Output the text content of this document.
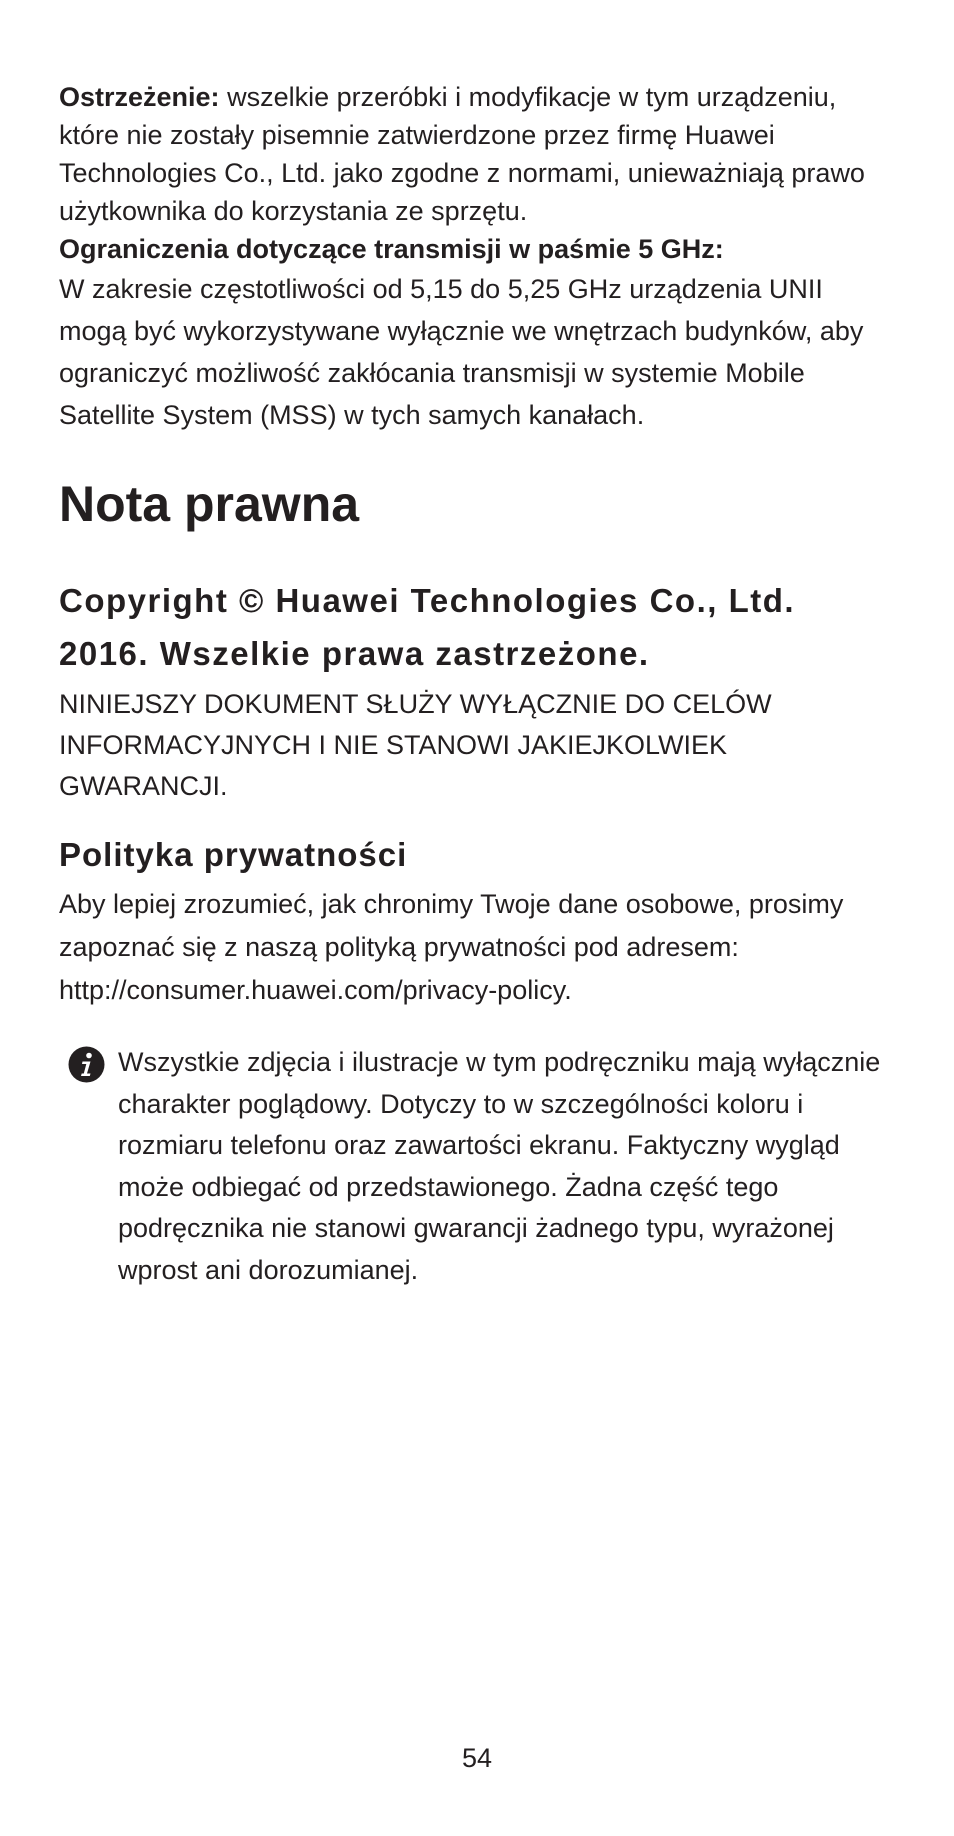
Ostrzeżenie: wszelkie przeróbki i modyfikacje w tym urządzeniu, które nie zostały pisemnie zatwierdzone przez firmę Huawei Technologies Co., Ltd. jako zgodne z normami, unieważniają prawo użytkownika do korzystania ze sprzętu.

Ograniczenia dotyczące transmisji w paśmie 5 GHz:

W zakresie częstotliwości od 5,15 do 5,25 GHz urządzenia UNII mogą być wykorzystywane wyłącznie we wnętrzach budynków, aby ograniczyć możliwość zakłócania transmisji w systemie Mobile Satellite System (MSS) w tych samych kanałach.

Nota prawna
Copyright © Huawei Technologies Co., Ltd. 2016. Wszelkie prawa zastrzeżone.

NINIEJSZY DOKUMENT SŁUŻY WYŁĄCZNIE DO CELÓW INFORMACYJNYCH I NIE STANOWI JAKIEJKOLWIEK GWARANCJI.

Polityka prywatności

Aby lepiej zrozumieć, jak chronimy Twoje dane osobowe, prosimy zapoznać się z naszą polityką prywatności pod adresem: http://consumer.huawei.com/privacy-policy.

Wszystkie zdjęcia i ilustracje w tym podręczniku mają wyłącznie charakter poglądowy. Dotyczy to w szczególności koloru i rozmiaru telefonu oraz zawartości ekranu. Faktyczny wygląd może odbiegać od przedstawionego. Żadna część tego podręcznika nie stanowi gwarancji żadnego typu, wyrażonej wprost ani dorozumianej.

54
